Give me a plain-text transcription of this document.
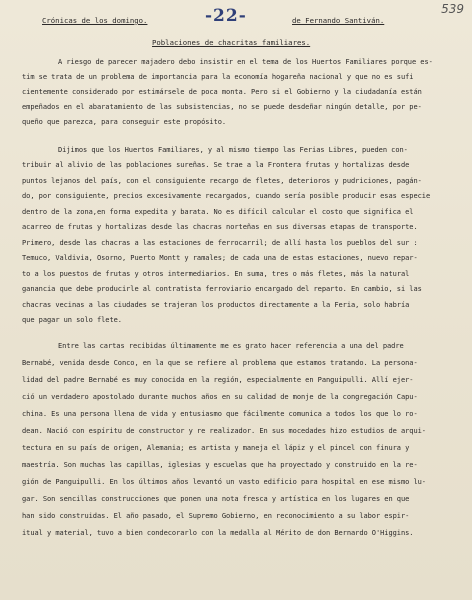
539
Crónicas de los domingo.	-22-	de Fernando Santiván.
Poblaciones de chacritas familiares.
A riesgo de parecer majadero debo insistir en el tema de los Huertos Familiares porque es-
tim se trata de un problema de importancia para la economía hogareña nacional y que no es sufi
cientemente considerado por estimársele de poca monta. Pero si el Gobierno y la ciudadanía están
empeñados en el abaratamiento de las subsistencias, no se puede desdeñar ningún detalle, por pe-
queño que parezca, para conseguir este propósito.
Dijimos que los Huertos Familiares, y al mismo tiempo las Ferias Libres, pueden con-
tribuir al alivio de las poblaciones sureñas. Se trae a la Frontera frutas y hortalizas desde
puntos lejanos del país, con el consiguiente recargo de fletes, deterioros y pudriciones, pagán-
do, por consiguiente, precios excesivamente recargados, cuando sería posible producir esas especie
dentro de la zona,en forma expedita y barata. No es difícil calcular el costo que significa el
acarreo de frutas y hortalizas desde las chacras norteñas en sus diversas etapas de transporte.
Primero, desde las chacras a las estaciones de ferrocarril; de allí hasta los pueblos del sur :
Temuco, Valdivia, Osorno, Puerto Montt y ramales; de cada una de estas estaciones, nuevo repar-
to a los puestos de frutas y otros intermediarios. En suma, tres o más fletes, más la natural
ganancia que debe producirle al contratista ferroviario encargado del reparto. En cambio, si las
chacras vecinas a las ciudades se trajeran los productos directamente a la Feria, solo habría
que pagar un solo flete.
Entre las cartas recibidas últimamente me es grato hacer referencia a una del padre
Bernabé, venida desde Conco, en la que se refiere al problema que estamos tratando. La persona-
lidad del padre Bernabé es muy conocida en la región, especialmente en Panguipulli. Allí ejer-
ció un verdadero apostolado durante muchos años en su calidad de monje de la congregación Capu-
china. Es una persona llena de vida y entusiasmo que fácilmente comunica a todos los que lo ro-
dean. Nació con espíritu de constructor y re realizador. En sus mocedades hizo estudios de arqui-
tectura en su país de origen, Alemania; es artista y maneja el lápiz y el pincel con finura y
maestría. Son muchas las capillas, iglesias y escuelas que ha proyectado y construido en la re-
gión de Panguipulli. En los últimos años levantó un vasto edificio para hospital en ese mismo lu-
gar. Son sencillas construcciones que ponen una nota fresca y artística en los lugares en que
han sido construidas. El año pasado, el Supremo Gobierno, en reconocimiento a su labor espir-
itual y material, tuvo a bien condecorarlo con la medalla al Mérito de don Bernardo O'Higgins.
